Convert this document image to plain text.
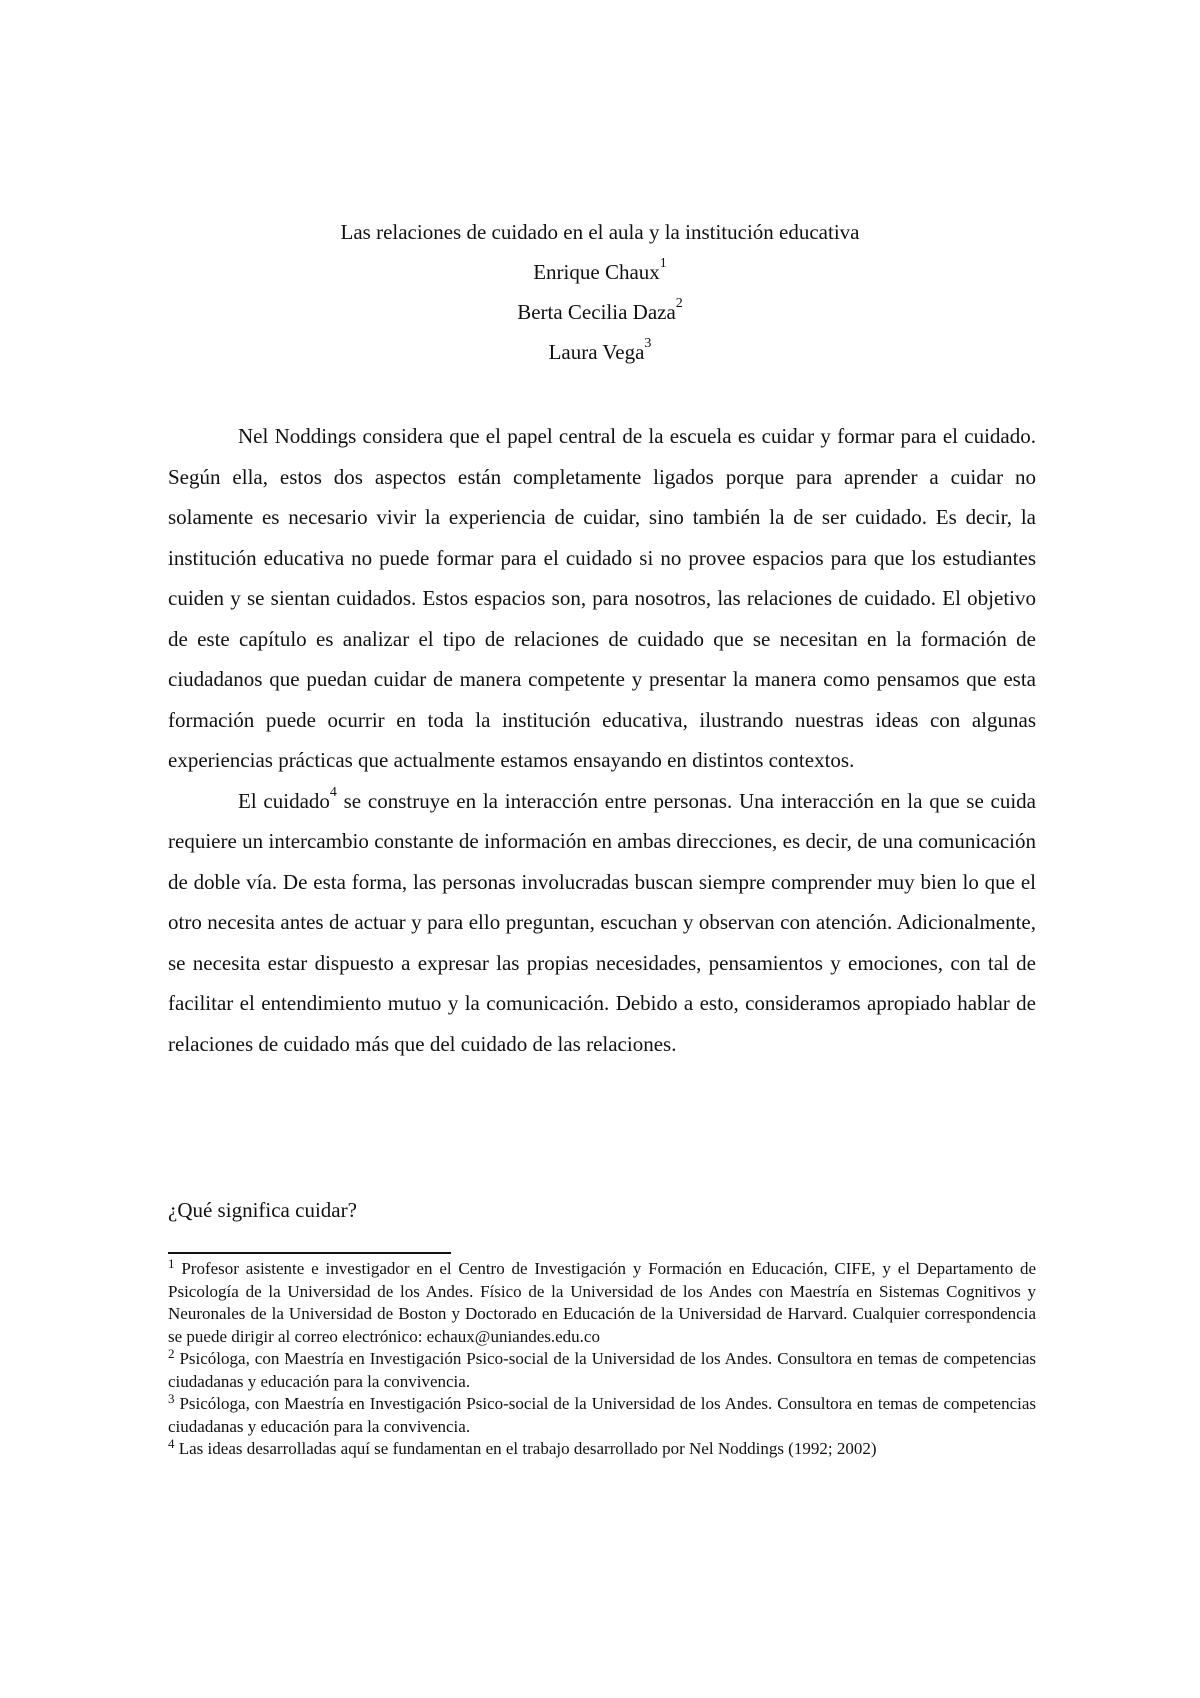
Las relaciones de cuidado en el aula y la institución educativa
Enrique Chaux$^1$
Berta Cecilia Daza$^2$
Laura Vega$^3$

Nel Noddings considera que el papel central de la escuela es cuidar y formar para el cuidado. Según ella, estos dos aspectos están completamente ligados porque para aprender a cuidar no solamente es necesario vivir la experiencia de cuidar, sino también la de ser cuidado. Es decir, la institución educativa no puede formar para el cuidado si no provee espacios para que los estudiantes cuiden y se sientan cuidados. Estos espacios son, para nosotros, las relaciones de cuidado. El objetivo de este capítulo es analizar el tipo de relaciones de cuidado que se necesitan en la formación de ciudadanos que puedan cuidar de manera competente y presentar la manera como pensamos que esta formación puede ocurrir en toda la institución educativa, ilustrando nuestras ideas con algunas experiencias prácticas que actualmente estamos ensayando en distintos contextos.

El cuidado$^4$ se construye en la interacción entre personas. Una interacción en la que se cuida requiere un intercambio constante de información en ambas direcciones, es decir, de una comunicación de doble vía. De esta forma, las personas involucradas buscan siempre comprender muy bien lo que el otro necesita antes de actuar y para ello preguntan, escuchan y observan con atención. Adicionalmente, se necesita estar dispuesto a expresar las propias necesidades, pensamientos y emociones, con tal de facilitar el entendimiento mutuo y la comunicación. Debido a esto, consideramos apropiado hablar de relaciones de cuidado más que del cuidado de las relaciones.

¿Qué significa cuidar?

$^1$ Profesor asistente e investigador en el Centro de Investigación y Formación en Educación, CIFE, y el Departamento de Psicología de la Universidad de los Andes. Físico de la Universidad de los Andes con Maestría en Sistemas Cognitivos y Neuronales de la Universidad de Boston y Doctorado en Educación de la Universidad de Harvard. Cualquier correspondencia se puede dirigir al correo electrónico: echaux@uniandes.edu.co

$^2$ Psicóloga, con Maestría en Investigación Psico-social de la Universidad de los Andes. Consultora en temas de competencias ciudadanas y educación para la convivencia.

$^3$ Psicóloga, con Maestría en Investigación Psico-social de la Universidad de los Andes. Consultora en temas de competencias ciudadanas y educación para la convivencia.

$^4$ Las ideas desarrolladas aquí se fundamentan en el trabajo desarrollado por Nel Noddings (1992; 2002)
